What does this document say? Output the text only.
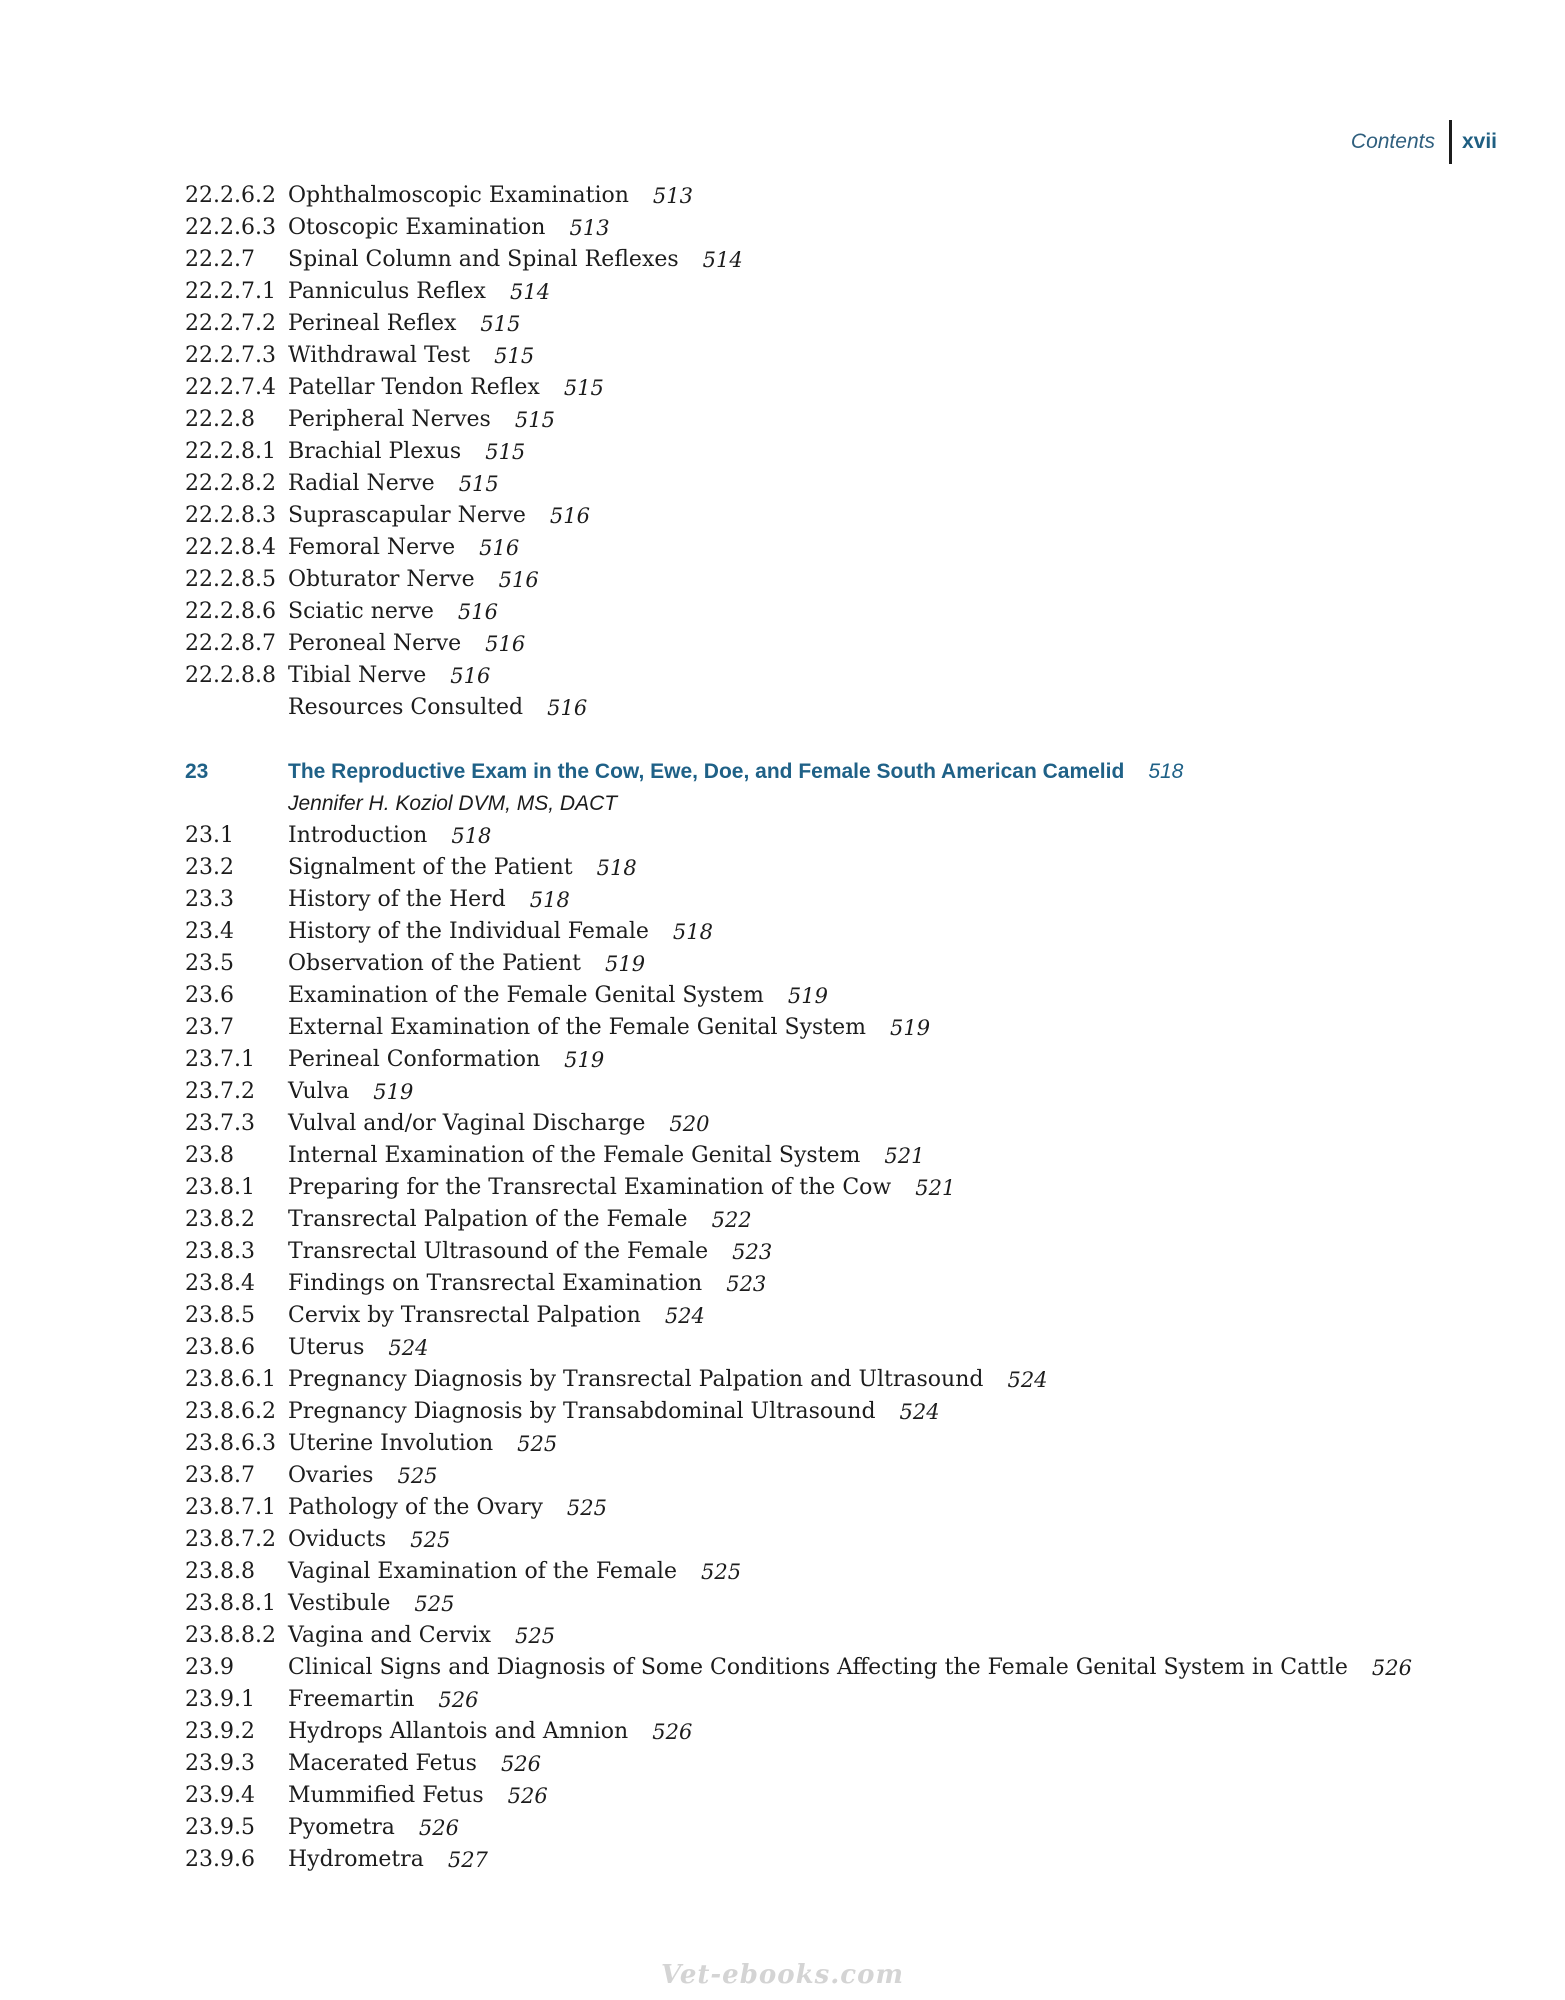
Contents xvii
22.2.6.2 Ophthalmoscopic Examination 513
22.2.6.3 Otoscopic Examination 513
22.2.7	Spinal Column and Spinal Reflexes 514
22.2.7.1 Panniculus Reflex 514
22.2.7.2 Perineal Reflex 515
22.2.7.3 Withdrawal Test 515
22.2.7.4 Patellar Tendon Reflex 515
22.2.8	Peripheral Nerves 515
22.2.8.1 Brachial Plexus 515
22.2.8.2 Radial Nerve 515
22.2.8.3 Suprascapular Nerve 516
22.2.8.4 Femoral Nerve 516
22.2.8.5 Obturator Nerve 516
22.2.8.6 Sciatic nerve 516
22.2.8.7 Peroneal Nerve 516
22.2.8.8 Tibial Nerve 516
Resources Consulted 516
23	The Reproductive Exam in the Cow, Ewe, Doe, and Female South American Camelid 518
Jennifer H. Koziol DVM, MS, DACT
23.1	Introduction 518
23.2	Signalment of the Patient 518
23.3	History of the Herd 518
23.4	History of the Individual Female 518
23.5	Observation of the Patient 519
23.6	Examination of the Female Genital System 519
23.7	External Examination of the Female Genital System 519
23.7.1	Perineal Conformation 519
23.7.2	Vulva 519
23.7.3	Vulval and/or Vaginal Discharge 520
23.8	Internal Examination of the Female Genital System 521
23.8.1	Preparing for the Transrectal Examination of the Cow 521
23.8.2	Transrectal Palpation of the Female 522
23.8.3	Transrectal Ultrasound of the Female 523
23.8.4	Findings on Transrectal Examination 523
23.8.5	Cervix by Transrectal Palpation 524
23.8.6	Uterus 524
23.8.6.1 Pregnancy Diagnosis by Transrectal Palpation and Ultrasound 524
23.8.6.2 Pregnancy Diagnosis by Transabdominal Ultrasound 524
23.8.6.3 Uterine Involution 525
23.8.7	Ovaries 525
23.8.7.1 Pathology of the Ovary 525
23.8.7.2 Oviducts 525
23.8.8	Vaginal Examination of the Female 525
23.8.8.1 Vestibule 525
23.8.8.2 Vagina and Cervix 525
23.9	Clinical Signs and Diagnosis of Some Conditions Affecting the Female Genital System in Cattle 526
23.9.1	Freemartin 526
23.9.2	Hydrops Allantois and Amnion 526
23.9.3	Macerated Fetus 526
23.9.4	Mummified Fetus 526
23.9.5	Pyometra 526
23.9.6	Hydrometra 527
Vet-ebooks.com
